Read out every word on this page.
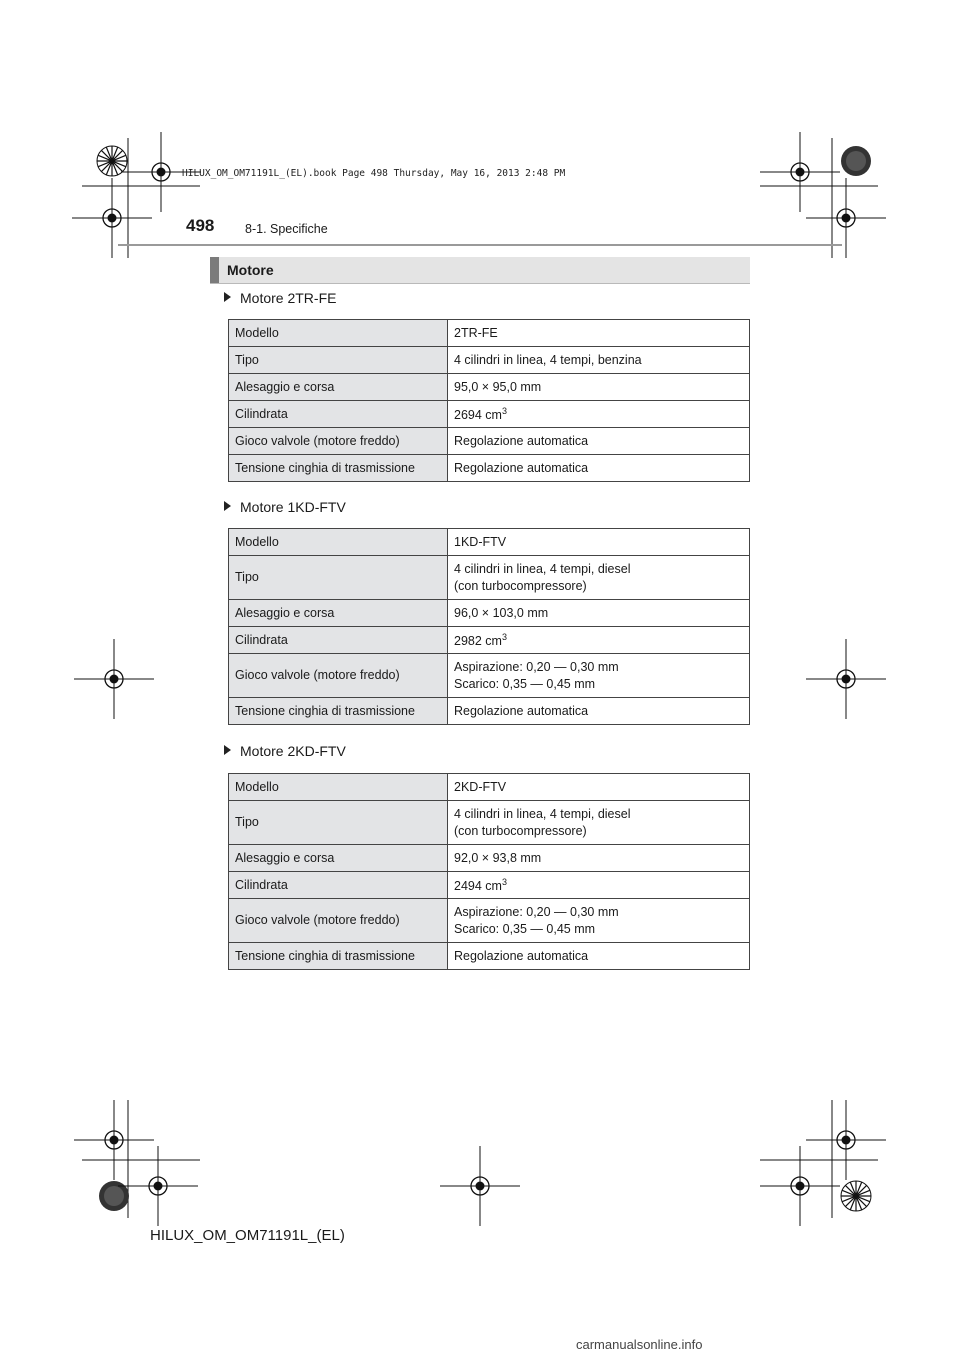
HILUX_OM_OM71191L_(EL).book Page 498 Thursday, May 16, 2013 2:48 PM
498 8-1. Specifiche
Motore
Motore 2TR-FE
Modello	2TR-FE
Tipo	4 cilindri in linea, 4 tempi, benzina
Alesaggio e corsa	95,0 × 95,0 mm
Cilindrata	2694 $cm^3$
Gioco valvole (motore freddo)	Regolazione automatica
Tensione cinghia di trasmissione	Regolazione automatica
Motore 1KD-FTV
Modello	1KD-FTV
Tipo	4 cilindri in linea, 4 tempi, diesel
(con turbocompressore)

Alesaggio e corsa	96,0 × 103,0 mm
Cilindrata	2982 $cm^3$
Gioco valvole (motore freddo)	Aspirazione: 0,20 — 0,30 mm
Scarico: 0,35 — 0,45 mm

Tensione cinghia di trasmissione	Regolazione automatica
Motore 2KD-FTV
Modello	2KD-FTV
Tipo	4 cilindri in linea, 4 tempi, diesel
(con turbocompressore)

Alesaggio e corsa	92,0 × 93,8 mm
Cilindrata	2494 $cm^3$
Gioco valvole (motore freddo)	Aspirazione: 0,20 — 0,30 mm
Scarico: 0,35 — 0,45 mm

Tensione cinghia di trasmissione	Regolazione automatica
HILUX_OM_OM71191L_(EL)
carmanualsonline.info
